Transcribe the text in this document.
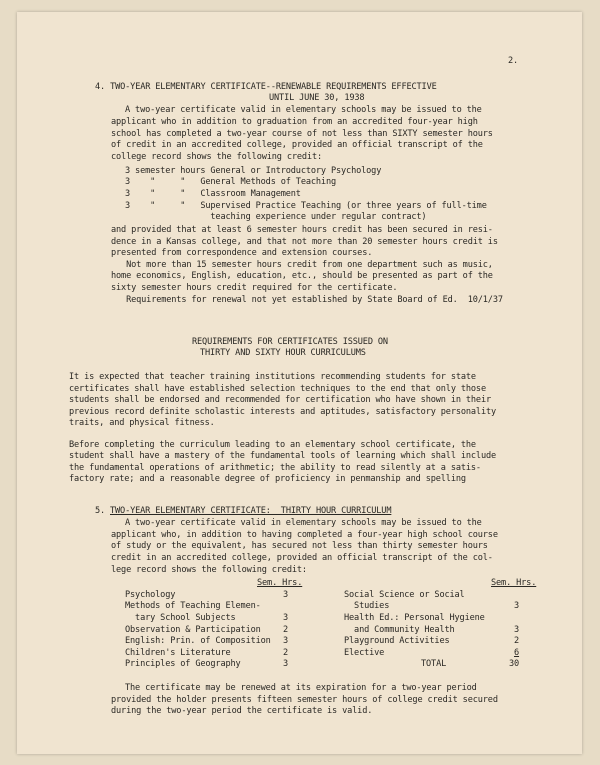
2.
4. TWO-YEAR ELEMENTARY CERTIFICATE--RENEWABLE REQUIREMENTS EFFECTIVE
UNTIL JUNE 30, 1938
A two-year certificate valid in elementary schools may be issued to the
applicant who in addition to graduation from an accredited four-year high
school has completed a two-year course of not less than SIXTY semester hours
of credit in an accredited college, provided an official transcript of the
college record shows the following credit:
3 semester hours General or Introductory Psychology
3    "     "   General Methods of Teaching
3    "     "   Classroom Management
3    "     "   Supervised Practice Teaching (or three years of full-time
teaching experience under regular contract)
and provided that at least 6 semester hours credit has been secured in resi-
dence in a Kansas college, and that not more than 20 semester hours credit is
presented from correspondence and extension courses.
Not more than 15 semester hours credit from one department such as music,
home economics, English, education, etc., should be presented as part of the
sixty semester hours credit required for the certificate.
Requirements for renewal not yet established by State Board of Ed.  10/1/37
REQUIREMENTS FOR CERTIFICATES ISSUED ON
THIRTY AND SIXTY HOUR CURRICULUMS
It is expected that teacher training institutions recommending students for state
certificates shall have established selection techniques to the end that only those
students shall be endorsed and recommended for certification who have shown in their
previous record definite scholastic interests and aptitudes, satisfactory personality
traits, and physical fitness.
Before completing the curriculum leading to an elementary school certificate, the
student shall have a mastery of the fundamental tools of learning which shall include
the fundamental operations of arithmetic; the ability to read silently at a satis-
factory rate; and a reasonable degree of proficiency in penmanship and spelling
5. TWO-YEAR ELEMENTARY CERTIFICATE:  THIRTY HOUR CURRICULUM
A two-year certificate valid in elementary schools may be issued to the
applicant who, in addition to having completed a four-year high school course
of study or the equivalent, has secured not less than thirty semester hours
credit in an accredited college, provided an official transcript of the col-
lege record shows the following credit:
Sem. Hrs.	Sem. Hrs.
Psychology	3
Methods of Teaching Elemen-
tary School Subjects	3
Observation & Participation	2
English: Prin. of Composition 3
Children's Literature	2
Principles of Geography	3
Social Science or Social
Studies	3
Health Ed.: Personal Hygiene
and Community Health	3
Playground Activities	2
Elective	6
TOTAL	30
The certificate may be renewed at its expiration for a two-year period
provided the holder presents fifteen semester hours of college credit secured
during the two-year period the certificate is valid.
